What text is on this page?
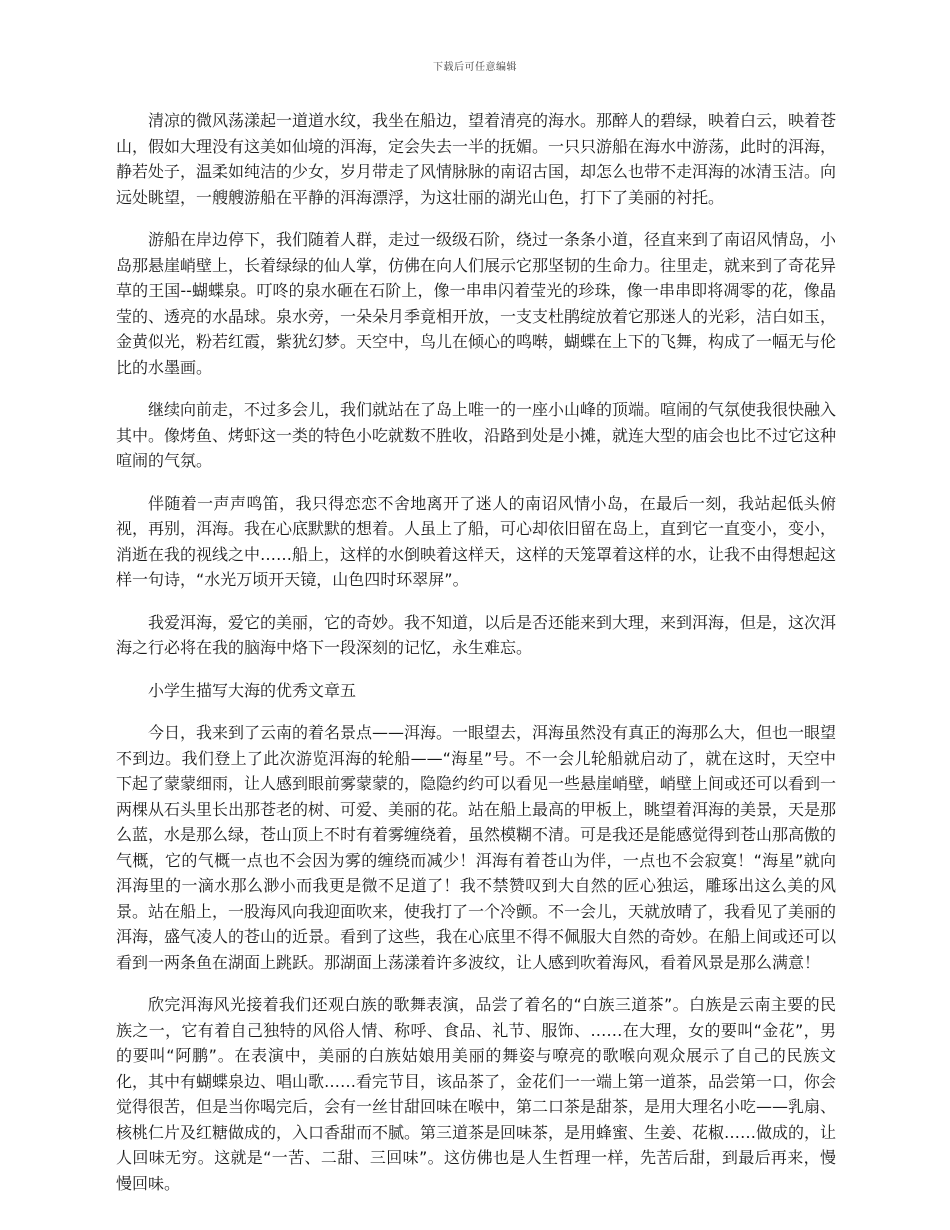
下载后可任意编辑

清凉的微风荡漾起一道道水纹，我坐在船边，望着清亮的海水。那醉人的碧绿，映着白云，映着苍山，假如大理没有这美如仙境的洱海，定会失去一半的抚媚。一只只游船在海水中游荡，此时的洱海，静若处子，温柔如纯洁的少女，岁月带走了风情脉脉的南诏古国，却怎么也带不走洱海的冰清玉洁。向远处眺望，一艘艘游船在平静的洱海漂浮，为这壮丽的湖光山色，打下了美丽的衬托。

游船在岸边停下，我们随着人群，走过一级级石阶，绕过一条条小道，径直来到了南诏风情岛，小岛那悬崖峭壁上，长着绿绿的仙人掌，仿佛在向人们展示它那坚韧的生命力。往里走，就来到了奇花异草的王国--蝴蝶泉。叮咚的泉水砸在石阶上，像一串串闪着莹光的珍珠，像一串串即将凋零的花，像晶莹的、透亮的水晶球。泉水旁，一朵朵月季竟相开放，一支支杜鹃绽放着它那迷人的光彩，洁白如玉，金黄似光，粉若红霞，紫犹幻梦。天空中，鸟儿在倾心的鸣啭，蝴蝶在上下的飞舞，构成了一幅无与伦比的水墨画。

继续向前走，不过多会儿，我们就站在了岛上唯一的一座小山峰的顶端。喧闹的气氛使我很快融入其中。像烤鱼、烤虾这一类的特色小吃就数不胜收，沿路到处是小摊，就连大型的庙会也比不过它这种喧闹的气氛。

伴随着一声声鸣笛，我只得恋恋不舍地离开了迷人的南诏风情小岛，在最后一刻，我站起低头俯视，再别，洱海。我在心底默默的想着。人虽上了船，可心却依旧留在岛上，直到它一直变小，变小，消逝在我的视线之中……船上，这样的水倒映着这样天，这样的天笼罩着这样的水，让我不由得想起这样一句诗，“水光万顷开天镜，山色四时环翠屏”。

我爱洱海，爱它的美丽，它的奇妙。我不知道，以后是否还能来到大理，来到洱海，但是，这次洱海之行必将在我的脑海中烙下一段深刻的记忆，永生难忘。

小学生描写大海的优秀文章五

今日，我来到了云南的着名景点——洱海。一眼望去，洱海虽然没有真正的海那么大，但也一眼望不到边。我们登上了此次游览洱海的轮船——“海星”号。不一会儿轮船就启动了，就在这时，天空中下起了蒙蒙细雨，让人感到眼前雾蒙蒙的，隐隐约约可以看见一些悬崖峭壁，峭壁上间或还可以看到一两棵从石头里长出那苍老的树、可爱、美丽的花。站在船上最高的甲板上，眺望着洱海的美景，天是那么蓝，水是那么绿，苍山顶上不时有着雾缠绕着，虽然模糊不清。可是我还是能感觉得到苍山那高傲的气概，它的气概一点也不会因为雾的缠绕而减少！洱海有着苍山为伴，一点也不会寂寞！“海星”就向洱海里的一滴水那么渺小而我更是微不足道了！我不禁赞叹到大自然的匠心独运，雕琢出这么美的风景。站在船上，一股海风向我迎面吹来，使我打了一个冷颤。不一会儿，天就放晴了，我看见了美丽的洱海，盛气凌人的苍山的近景。看到了这些，我在心底里不得不佩服大自然的奇妙。在船上间或还可以看到一两条鱼在湖面上跳跃。那湖面上荡漾着许多波纹，让人感到吹着海风，看着风景是那么满意！

欣完洱海风光接着我们还观白族的歌舞表演，品尝了着名的“白族三道茶”。白族是云南主要的民族之一，它有着自己独特的风俗人情、称呼、食品、礼节、服饰、……在大理，女的要叫“金花”，男的要叫“阿鹏”。在表演中，美丽的白族姑娘用美丽的舞姿与嘹亮的歌喉向观众展示了自己的民族文化，其中有蝴蝶泉边、唱山歌……看完节目，该品茶了，金花们一一端上第一道茶，品尝第一口，你会觉得很苦，但是当你喝完后，会有一丝甘甜回味在喉中，第二口茶是甜茶，是用大理名小吃——乳扇、核桃仁片及红糖做成的，入口香甜而不腻。第三道茶是回味茶，是用蜂蜜、生姜、花椒……做成的，让人回味无穷。这就是“一苦、二甜、三回味”。这仿佛也是人生哲理一样，先苦后甜，到最后再来，慢慢回味。
